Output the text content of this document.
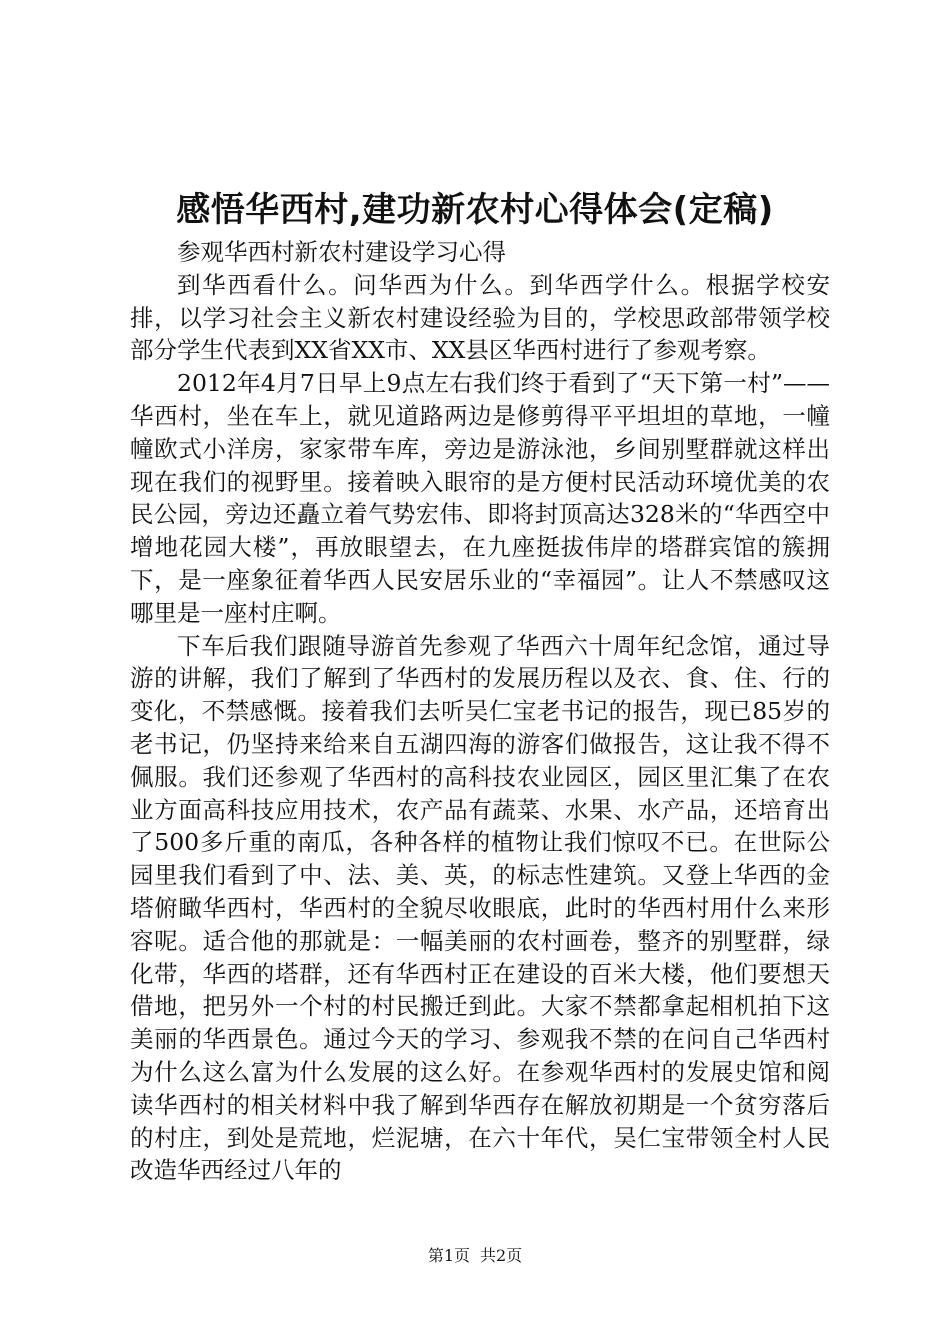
感悟华西村,建功新农村心得体会(定稿)
参观华西村新农村建设学习心得

到华西看什么。问华西为什么。到华西学什么。根据学校安排，以学习社会主义新农村建设经验为目的，学校思政部带领学校部分学生代表到XX省XX市、XX县区华西村进行了参观考察。

2012年4月7日早上9点左右我们终于看到了“天下第一村”——华西村，坐在车上，就见道路两边是修剪得平平坦坦的草地，一幢幢欧式小洋房，家家带车库，旁边是游泳池，乡间别墅群就这样出现在我们的视野里。接着映入眼帘的是方便村民活动环境优美的农民公园，旁边还矗立着气势宏伟、即将封顶高达328米的“华西空中增地花园大楼”，再放眼望去，在九座挺拔伟岸的塔群宾馆的簇拥下，是一座象征着华西人民安居乐业的“幸福园”。让人不禁感叹这哪里是一座村庄啊。

下车后我们跟随导游首先参观了华西六十周年纪念馆，通过导游的讲解，我们了解到了华西村的发展历程以及衣、食、住、行的变化，不禁感慨。接着我们去听吴仁宝老书记的报告，现已85岁的老书记，仍坚持来给来自五湖四海的游客们做报告，这让我不得不佩服。我们还参观了华西村的高科技农业园区，园区里汇集了在农业方面高科技应用技术，农产品有蔬菜、水果、水产品，还培育出了500多斤重的南瓜，各种各样的植物让我们惊叹不已。在世际公园里我们看到了中、法、美、英，的标志性建筑。又登上华西的金塔俯瞰华西村，华西村的全貌尽收眼底，此时的华西村用什么来形容呢。适合他的那就是：一幅美丽的农村画卷，整齐的别墅群，绿化带，华西的塔群，还有华西村正在建设的百米大楼，他们要想天借地，把另外一个村的村民搬迁到此。大家不禁都拿起相机拍下这美丽的华西景色。通过今天的学习、参观我不禁的在问自己华西村为什么这么富为什么发展的这么好。在参观华西村的发展史馆和阅读华西村的相关材料中我了解到华西存在解放初期是一个贫穷落后的村庄，到处是荒地，烂泥塘，在六十年代，吴仁宝带领全村人民改造华西经过八年的

第1页 共2页
